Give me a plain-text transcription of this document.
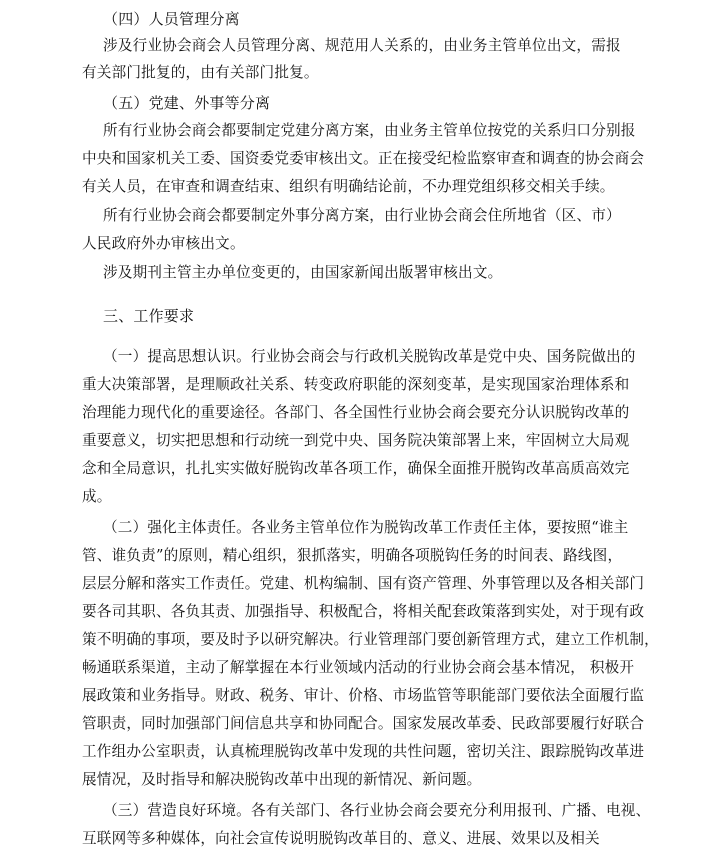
（四）人员管理分离
涉及行业协会商会人员管理分离、规范用人关系的，由业务主管单位出文，需报
有关部门批复的，由有关部门批复。
（五）党建、外事等分离
所有行业协会商会都要制定党建分离方案，由业务主管单位按党的关系归口分别报
中央和国家机关工委、国资委党委审核出文。正在接受纪检监察审查和调查的协会商会
有关人员，在审查和调查结束、组织有明确结论前，不办理党组织移交相关手续。
所有行业协会商会都要制定外事分离方案，由行业协会商会住所地省（区、市）
人民政府外办审核出文。
涉及期刊主管主办单位变更的，由国家新闻出版署审核出文。
三、工作要求
（一）提高思想认识。行业协会商会与行政机关脱钩改革是党中央、国务院做出的
重大决策部署，是理顺政社关系、转变政府职能的深刻变革，是实现国家治理体系和
治理能力现代化的重要途径。各部门、各全国性行业协会商会要充分认识脱钩改革的
重要意义，切实把思想和行动统一到党中央、国务院决策部署上来，牢固树立大局观
念和全局意识，扎扎实实做好脱钩改革各项工作，确保全面推开脱钩改革高质高效完
成。
（二）强化主体责任。各业务主管单位作为脱钩改革工作责任主体，要按照“谁主
管、谁负责”的原则，精心组织，狠抓落实，明确各项脱钩任务的时间表、路线图，
层层分解和落实工作责任。党建、机构编制、国有资产管理、外事管理以及各相关部门
要各司其职、各负其责、加强指导、积极配合，将相关配套政策落到实处，对于现有政
策不明确的事项，要及时予以研究解决。行业管理部门要创新管理方式，建立工作机制，
畅通联系渠道，主动了解掌握在本行业领域内活动的行业协会商会基本情况， 积极开
展政策和业务指导。财政、税务、审计、价格、市场监管等职能部门要依法全面履行监
管职责，同时加强部门间信息共享和协同配合。国家发展改革委、民政部要履行好联合
工作组办公室职责，认真梳理脱钩改革中发现的共性问题，密切关注、跟踪脱钩改革进
展情况，及时指导和解决脱钩改革中出现的新情况、新问题。
（三）营造良好环境。各有关部门、各行业协会商会要充分利用报刊、广播、电视、
互联网等多种媒体，向社会宣传说明脱钩改革目的、意义、进展、效果以及相关
